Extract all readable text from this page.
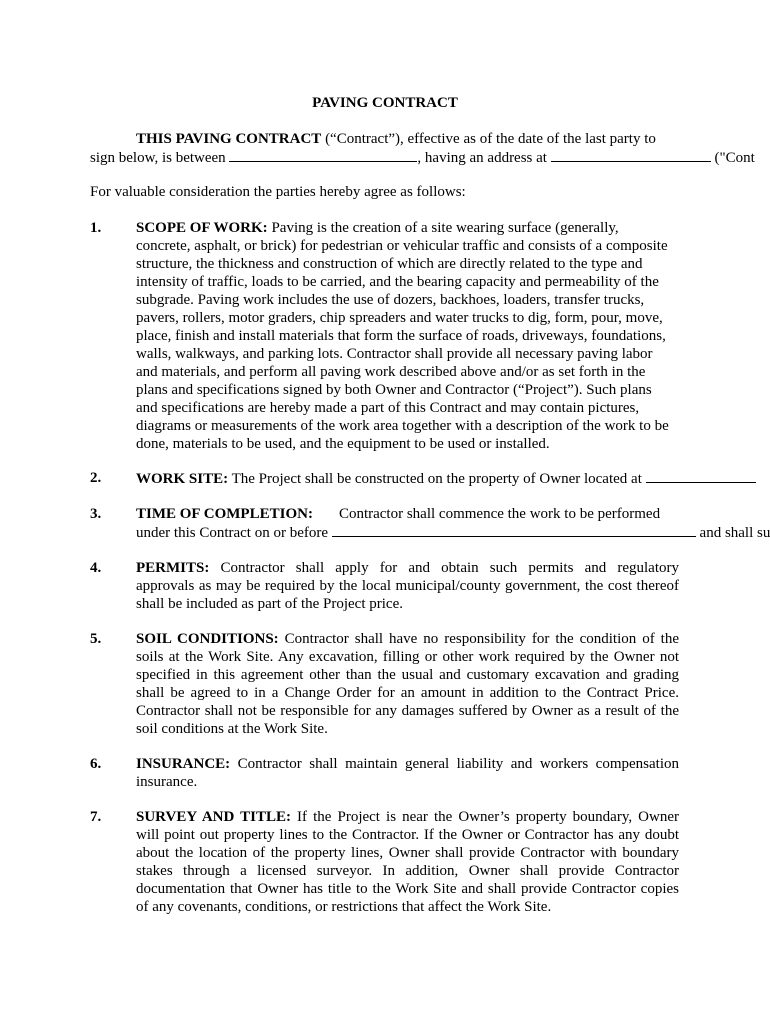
PAVING CONTRACT
THIS PAVING CONTRACT (“Contract”), effective as of the date of the last party to
sign below, is between	, having an address at	("Cont
For valuable consideration the parties hereby agree as follows:
1. SCOPE OF WORK: Paving is the creation of a site wearing surface (generally,
concrete, asphalt, or brick) for pedestrian or vehicular traffic and consists of a composite
structure, the thickness and construction of which are directly related to the type and
intensity of traffic, loads to be carried, and the bearing capacity and permeability of the
subgrade. Paving work includes the use of dozers, backhoes, loaders, transfer trucks,
pavers, rollers, motor graders, chip spreaders and water trucks to dig, form, pour, move,
place, finish and install materials that form the surface of roads, driveways, foundations,
walls, walkways, and parking lots. Contractor shall provide all necessary paving labor
and materials, and perform all paving work described above and/or as set forth in the
plans and specifications signed by both Owner and Contractor (“Project”). Such plans
and specifications are hereby made a part of this Contract and may contain pictures,
diagrams or measurements of the work area together with a description of the work to be
done, materials to be used, and the equipment to be used or installed.
2. WORK SITE: The Project shall be constructed on the property of Owner located at
3. TIME OF COMPLETION: Contractor shall commence the work to be performed
under this Contract on or before	and shall su
4. PERMITS: Contractor shall apply for and obtain such permits and regulatory
approvals as may be required by the local municipal/county government, the cost thereof
shall be included as part of the Project price.
5. SOIL CONDITIONS: Contractor shall have no responsibility for the condition of the
soils at the Work Site. Any excavation, filling or other work required by the Owner not
specified in this agreement other than the usual and customary excavation and grading
shall be agreed to in a Change Order for an amount in addition to the Contract Price.
Contractor shall not be responsible for any damages suffered by Owner as a result of the
soil conditions at the Work Site.
6. INSURANCE: Contractor shall maintain general liability and workers compensation
insurance.
7. SURVEY AND TITLE: If the Project is near the Owner’s property boundary, Owner
will point out property lines to the Contractor. If the Owner or Contractor has any doubt
about the location of the property lines, Owner shall provide Contractor with boundary
stakes through a licensed surveyor. In addition, Owner shall provide Contractor
documentation that Owner has title to the Work Site and shall provide Contractor copies
of any covenants, conditions, or restrictions that affect the Work Site.
